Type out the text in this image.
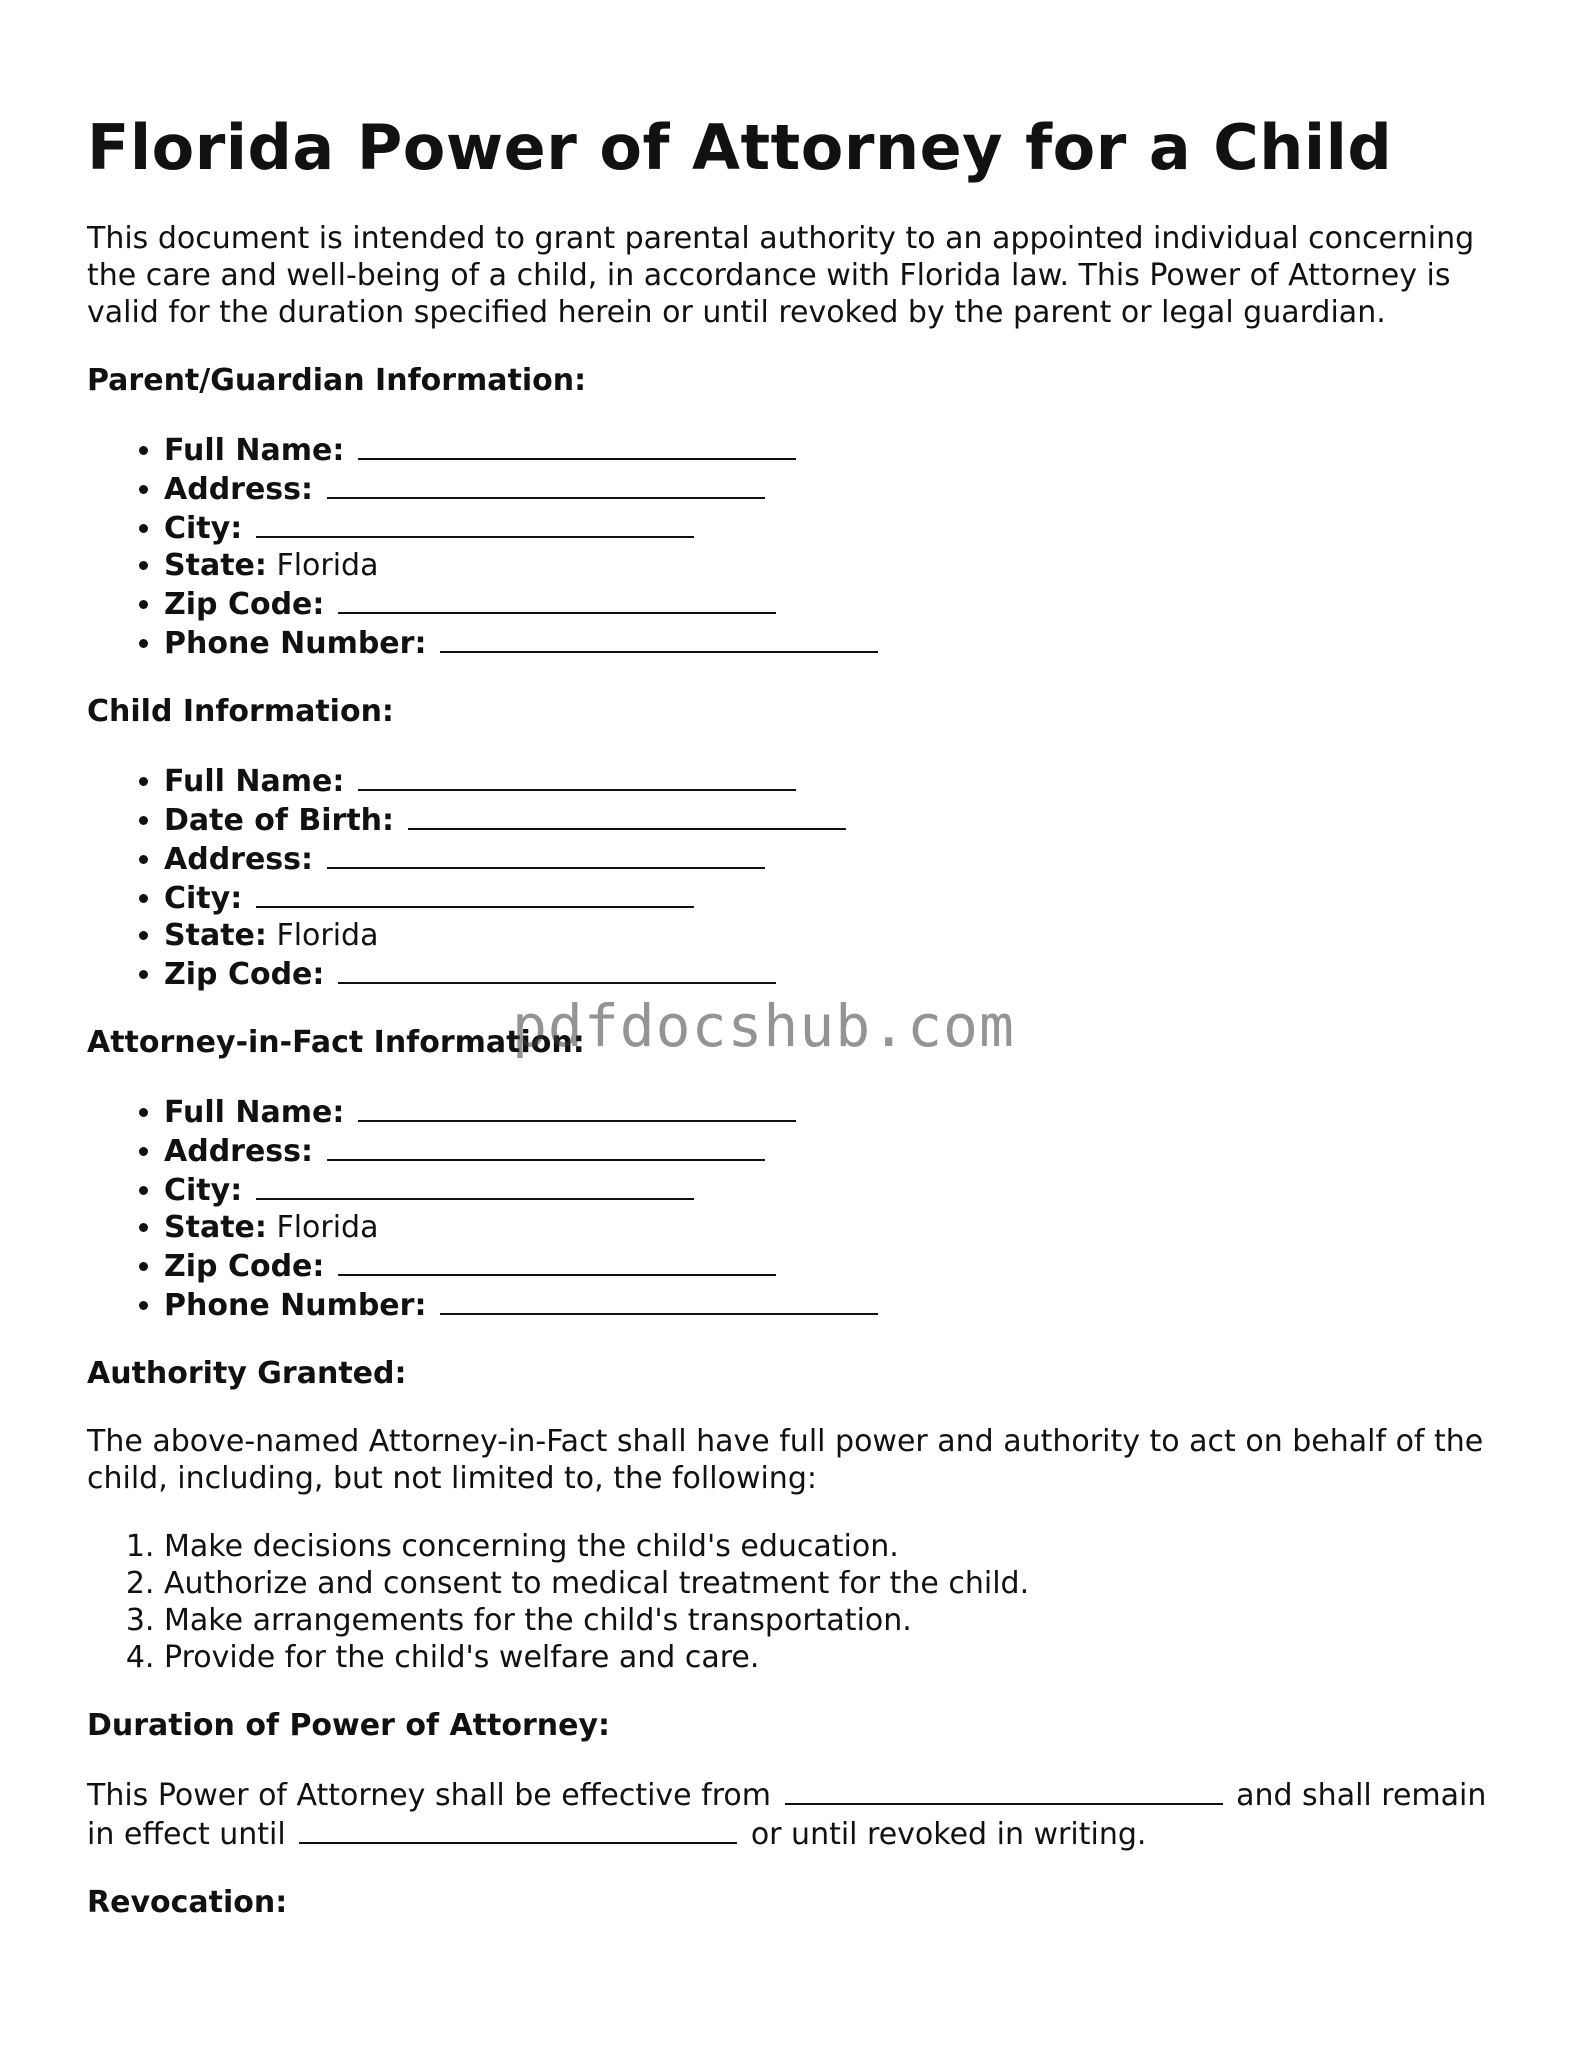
Florida Power of Attorney for a Child

This document is intended to grant parental authority to an appointed individual concerning the care and well-being of a child, in accordance with Florida law. This Power of Attorney is valid for the duration specified herein or until revoked by the parent or legal guardian.

Parent/Guardian Information:
• Full Name:
• Address:
• City:
• State: Florida
• Zip Code:
• Phone Number:
Child Information:
• Full Name:
• Date of Birth:
• Address:
• City:
• State: Florida
• Zip Code:
Attorney-in-Fact Information:
• Full Name:
• Address:
• City:
• State: Florida
• Zip Code:
• Phone Number:
Authority Granted:

The above-named Attorney-in-Fact shall have full power and authority to act on behalf of the child, including, but not limited to, the following:

1. Make decisions concerning the child's education.
2. Authorize and consent to medical treatment for the child.
3. Make arrangements for the child's transportation.
4. Provide for the child's welfare and care.
Duration of Power of Attorney:

This Power of Attorney shall be effective from	and shall remain in effect until	or until revoked in writing.

Revocation:
pdfdocshub.com
